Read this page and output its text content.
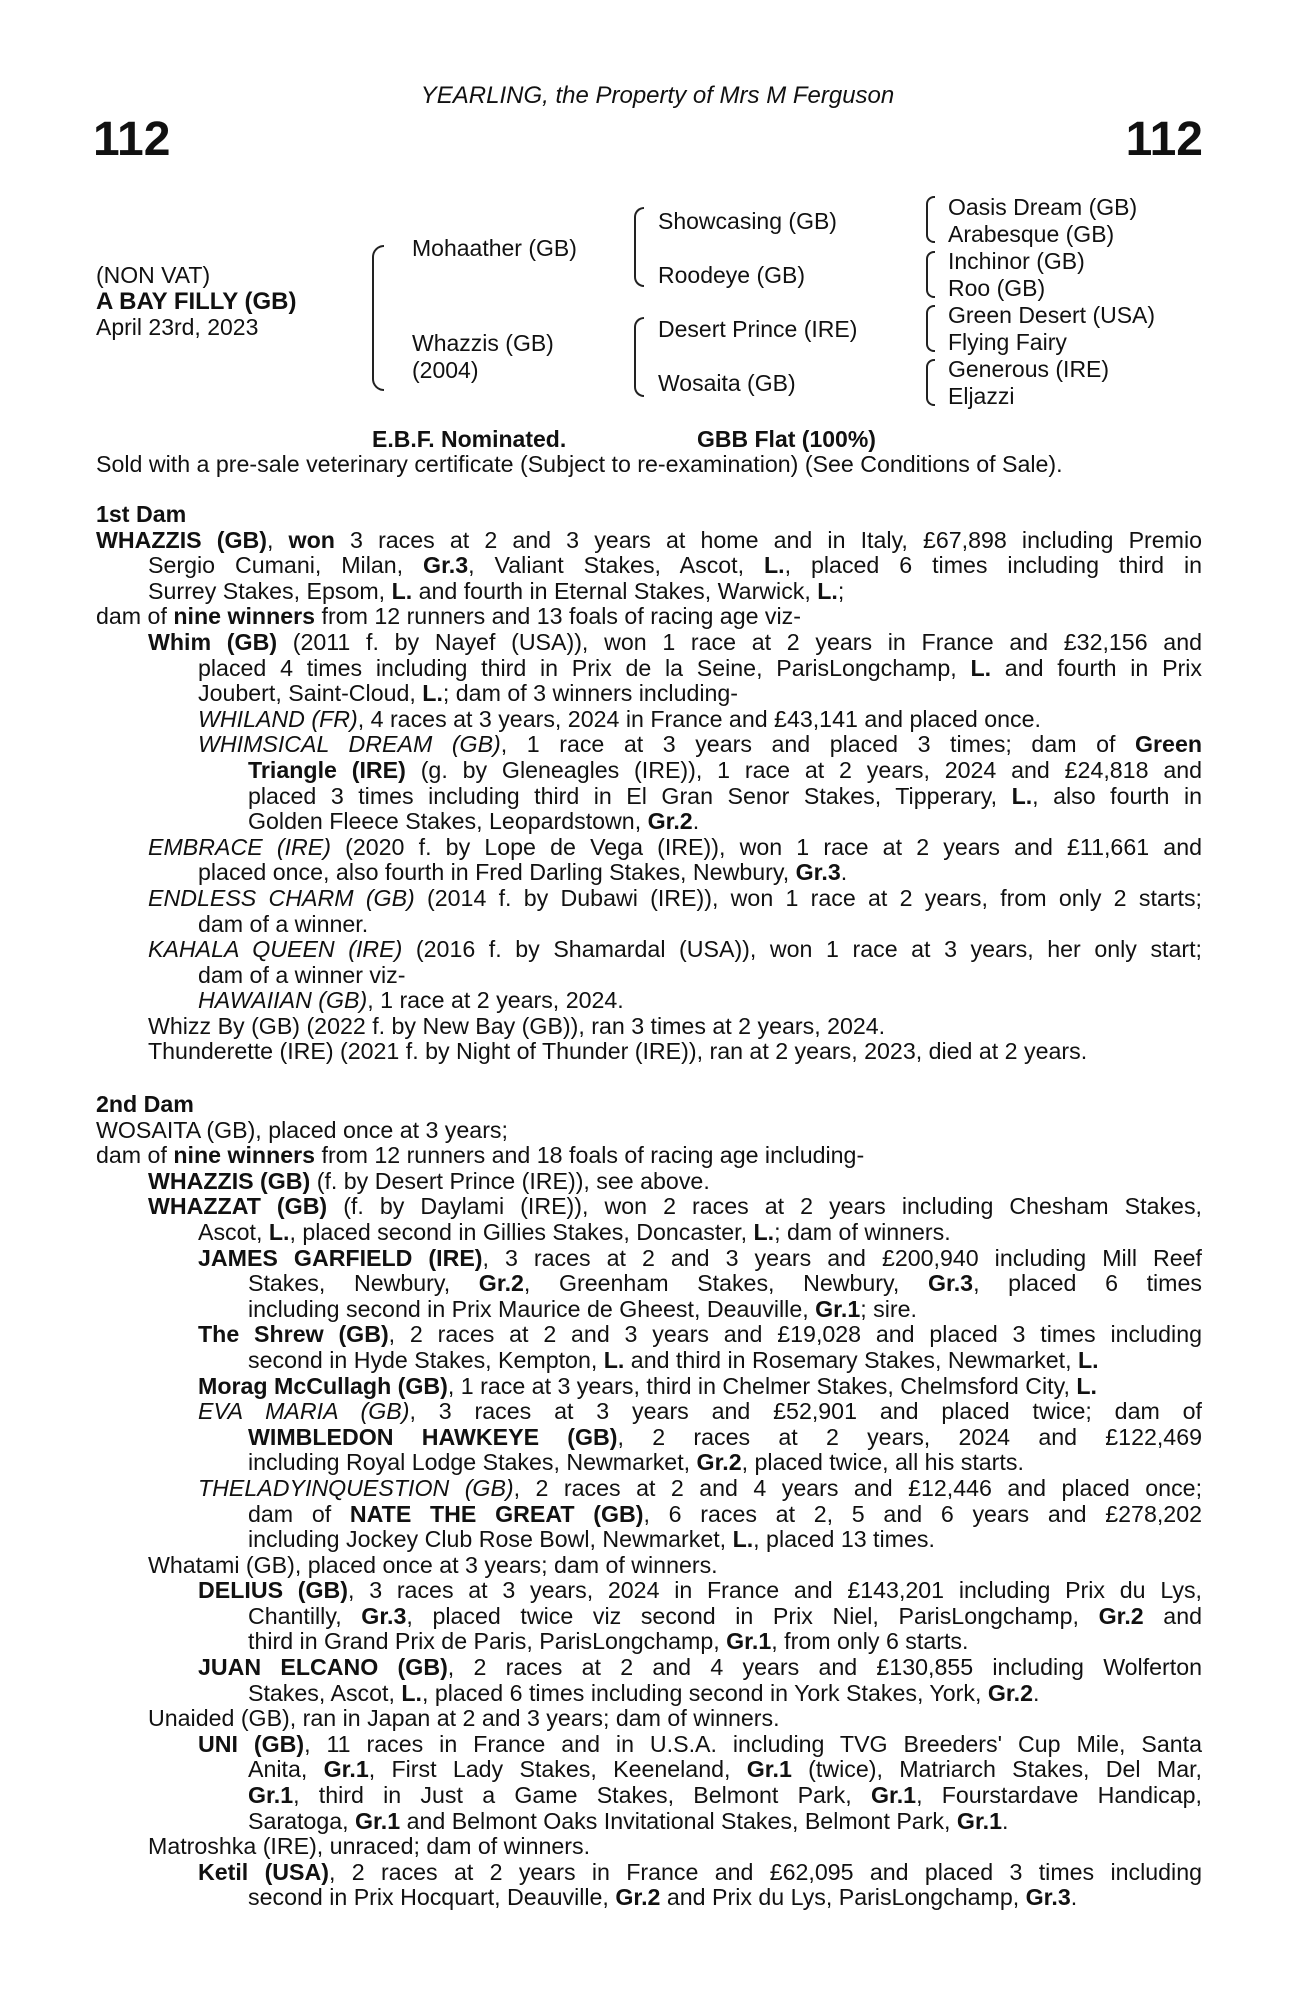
YEARLING, the Property of Mrs M Ferguson
112	112
(NON VAT)
A BAY FILLY (GB)
April 23rd, 2023
Mohaather (GB)
Whazzis (GB)
(2004)
Showcasing (GB)
Roodeye (GB)
Desert Prince (IRE)
Wosaita (GB)
Oasis Dream (GB)
Arabesque (GB)
Inchinor (GB)
Roo (GB)
Green Desert (USA)
Flying Fairy
Generous (IRE)
Eljazzi
E.B.F. Nominated.	GBB Flat (100%)
Sold with a pre-sale veterinary certificate (Subject to re-examination) (See Conditions of Sale).
1st Dam
WHAZZIS (GB), won 3 races at 2 and 3 years at home and in Italy, £67,898 including Premio
Sergio Cumani, Milan, Gr.3, Valiant Stakes, Ascot, L., placed 6 times including third in
Surrey Stakes, Epsom, L. and fourth in Eternal Stakes, Warwick, L.;
dam of nine winners from 12 runners and 13 foals of racing age viz-
Whim (GB) (2011 f. by Nayef (USA)), won 1 race at 2 years in France and £32,156 and
placed 4 times including third in Prix de la Seine, ParisLongchamp, L. and fourth in Prix
Joubert, Saint-Cloud, L.; dam of 3 winners including-
WHILAND (FR), 4 races at 3 years, 2024 in France and £43,141 and placed once.
WHIMSICAL DREAM (GB), 1 race at 3 years and placed 3 times; dam of Green
Triangle (IRE) (g. by Gleneagles (IRE)), 1 race at 2 years, 2024 and £24,818 and
placed 3 times including third in El Gran Senor Stakes, Tipperary, L., also fourth in
Golden Fleece Stakes, Leopardstown, Gr.2.
EMBRACE (IRE) (2020 f. by Lope de Vega (IRE)), won 1 race at 2 years and £11,661 and
placed once, also fourth in Fred Darling Stakes, Newbury, Gr.3.
ENDLESS CHARM (GB) (2014 f. by Dubawi (IRE)), won 1 race at 2 years, from only 2 starts;
dam of a winner.
KAHALA QUEEN (IRE) (2016 f. by Shamardal (USA)), won 1 race at 3 years, her only start;
dam of a winner viz-
HAWAIIAN (GB), 1 race at 2 years, 2024.
Whizz By (GB) (2022 f. by New Bay (GB)), ran 3 times at 2 years, 2024.
Thunderette (IRE) (2021 f. by Night of Thunder (IRE)), ran at 2 years, 2023, died at 2 years.
2nd Dam
WOSAITA (GB), placed once at 3 years;
dam of nine winners from 12 runners and 18 foals of racing age including-
WHAZZIS (GB) (f. by Desert Prince (IRE)), see above.
WHAZZAT (GB) (f. by Daylami (IRE)), won 2 races at 2 years including Chesham Stakes,
Ascot, L., placed second in Gillies Stakes, Doncaster, L.; dam of winners.
JAMES GARFIELD (IRE), 3 races at 2 and 3 years and £200,940 including Mill Reef
Stakes, Newbury, Gr.2, Greenham Stakes, Newbury, Gr.3, placed 6 times
including second in Prix Maurice de Gheest, Deauville, Gr.1; sire.
The Shrew (GB), 2 races at 2 and 3 years and £19,028 and placed 3 times including
second in Hyde Stakes, Kempton, L. and third in Rosemary Stakes, Newmarket, L.
Morag McCullagh (GB), 1 race at 3 years, third in Chelmer Stakes, Chelmsford City, L.
EVA MARIA (GB), 3 races at 3 years and £52,901 and placed twice; dam of
WIMBLEDON HAWKEYE (GB), 2 races at 2 years, 2024 and £122,469
including Royal Lodge Stakes, Newmarket, Gr.2, placed twice, all his starts.
THELADYINQUESTION (GB), 2 races at 2 and 4 years and £12,446 and placed once;
dam of NATE THE GREAT (GB), 6 races at 2, 5 and 6 years and £278,202
including Jockey Club Rose Bowl, Newmarket, L., placed 13 times.
Whatami (GB), placed once at 3 years; dam of winners.
DELIUS (GB), 3 races at 3 years, 2024 in France and £143,201 including Prix du Lys,
Chantilly, Gr.3, placed twice viz second in Prix Niel, ParisLongchamp, Gr.2 and
third in Grand Prix de Paris, ParisLongchamp, Gr.1, from only 6 starts.
JUAN ELCANO (GB), 2 races at 2 and 4 years and £130,855 including Wolferton
Stakes, Ascot, L., placed 6 times including second in York Stakes, York, Gr.2.
Unaided (GB), ran in Japan at 2 and 3 years; dam of winners.
UNI (GB), 11 races in France and in U.S.A. including TVG Breeders' Cup Mile, Santa
Anita, Gr.1, First Lady Stakes, Keeneland, Gr.1 (twice), Matriarch Stakes, Del Mar,
Gr.1, third in Just a Game Stakes, Belmont Park, Gr.1, Fourstardave Handicap,
Saratoga, Gr.1 and Belmont Oaks Invitational Stakes, Belmont Park, Gr.1.
Matroshka (IRE), unraced; dam of winners.
Ketil (USA), 2 races at 2 years in France and £62,095 and placed 3 times including
second in Prix Hocquart, Deauville, Gr.2 and Prix du Lys, ParisLongchamp, Gr.3.
